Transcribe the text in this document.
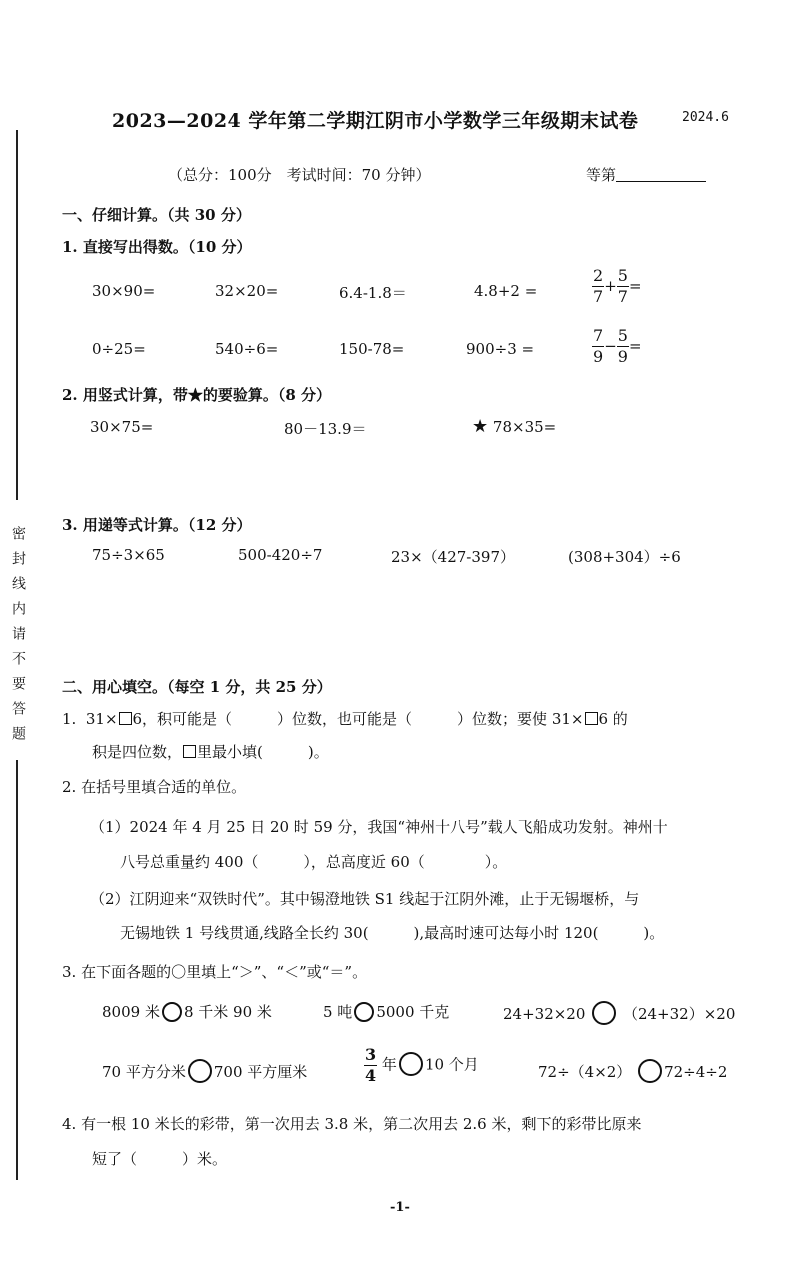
密封线内请不要答题
2023—2024 学年第二学期江阴市小学数学三年级期末试卷	2024.6
（总分：100分　考试时间：70 分钟）	等第
一、仔细计算。（共 30 分）
1. 直接写出得数。（10 分）
30×90=	32×20=	6.4-1.8＝	4.8+2 =	$\frac{2}{7} + \frac{5}{7}$ =
0÷25=	540÷6=	150-78=	900÷3 =	$\frac{7}{9} - \frac{5}{9}$ =
2. 用竖式计算，带★的要验算。（8 分）
30×75=	80－13.9＝	★ 78×35=
3. 用递等式计算。（12 分）
75÷3×65	500-420÷7	23×（427-397）	(308+304）÷6
二、用心填空。（每空 1 分，共 25 分）
1. 31× 6，积可能是（　　　）位数，也可能是（　　　）位数；要使 31× 6 的
积是四位数， 里最小填(　　　)。
2. 在括号里填合适的单位。
（1）2024 年 4 月 25 日 20 时 59 分，我国“神州十八号”载人飞船成功发射。神州十
八号总重量约 400（　　　），总高度近 60（　　　　）。
（2）江阴迎来“双铁时代”。其中锡澄地铁 S1 线起于江阴外滩，止于无锡堰桥，与
无锡地铁 1 号线贯通,线路全长约 30(　　　),最高时速可达每小时 120(　　　)。
3. 在下面各题的〇里填上“＞”、“＜”或“＝”。
8009 米 8 千米 90 米	5 吨 5000 千克	24+32×20	（24+32）×20
70 平方分米 700 平方厘米	$\frac{3}{4}$ 年 10 个月	72÷（4×2） 72÷4÷2
4. 有一根 10 米长的彩带，第一次用去 3.8 米，第二次用去 2.6 米，剩下的彩带比原来
短了（　　　）米。
-1-
